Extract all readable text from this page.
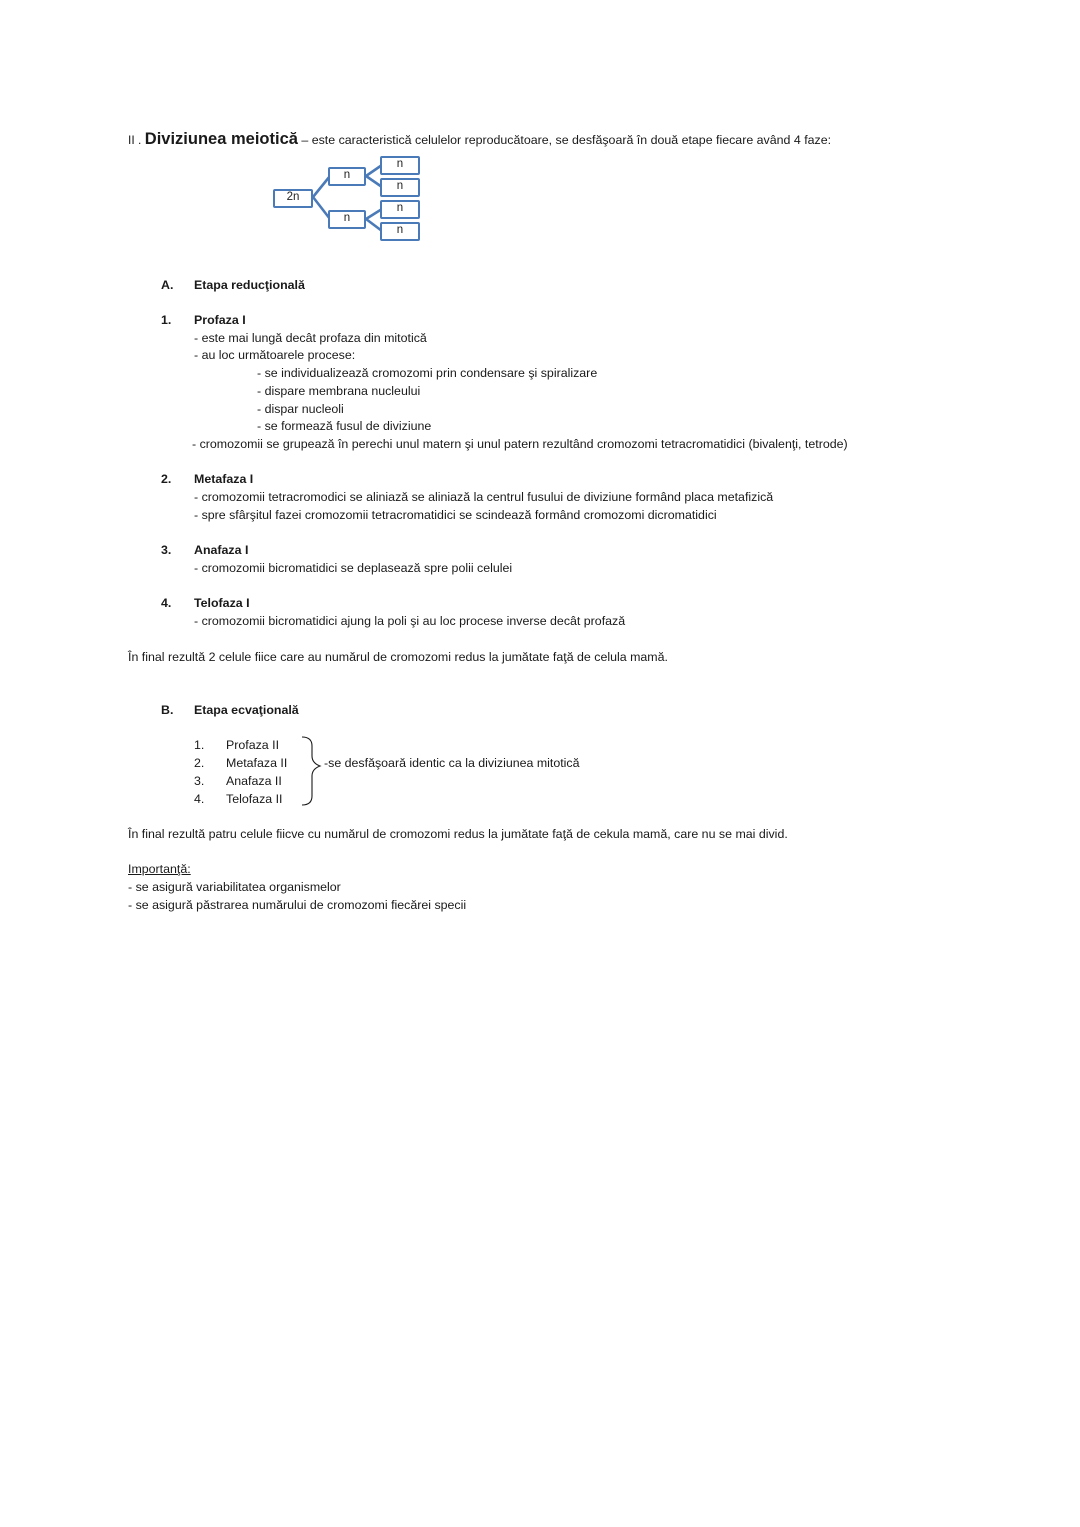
II . Diviziunea meiotică – este caracteristică celulelor reproducătoare, se desfăşoară în două etape fiecare având 4 faze:
2n
n
n
n
n
n
n
A. Etapa reducţională
1. Profaza I
- este mai lungă decât profaza din mitotică
- au loc următoarele procese:
- se individualizează cromozomi prin condensare şi spiralizare
- dispare membrana nucleului
- dispar nucleoli
- se formează fusul de diviziune
- cromozomii se grupează în perechi unul matern şi unul patern rezultând cromozomi tetracromatidici (bivalenţi, tetrode)
2. Metafaza I
- cromozomii tetracromodici se aliniază se aliniază la centrul fusului de diviziune formând placa metafizică
- spre sfârşitul fazei cromozomii tetracromatidici se scindează formând cromozomi dicromatidici
3. Anafaza I
- cromozomii bicromatidici se deplasează spre polii celulei
4. Telofaza I
- cromozomii bicromatidici ajung la poli şi au loc procese inverse decât profază
În final rezultă 2 celule fiice care au numărul de cromozomi redus la jumătate faţă de celula mamă.
B. Etapa ecvaţională
1. Profaza II
2. Metafaza II
3. Anafaza II
4. Telofaza II
-se desfăşoară identic ca la diviziunea mitotică
În final rezultă patru celule fiicve cu numărul de cromozomi redus la jumătate faţă de cekula mamă, care nu se mai divid.
Importanţă:
- se asigură variabilitatea organismelor
- se asigură păstrarea numărului de cromozomi fiecărei specii
